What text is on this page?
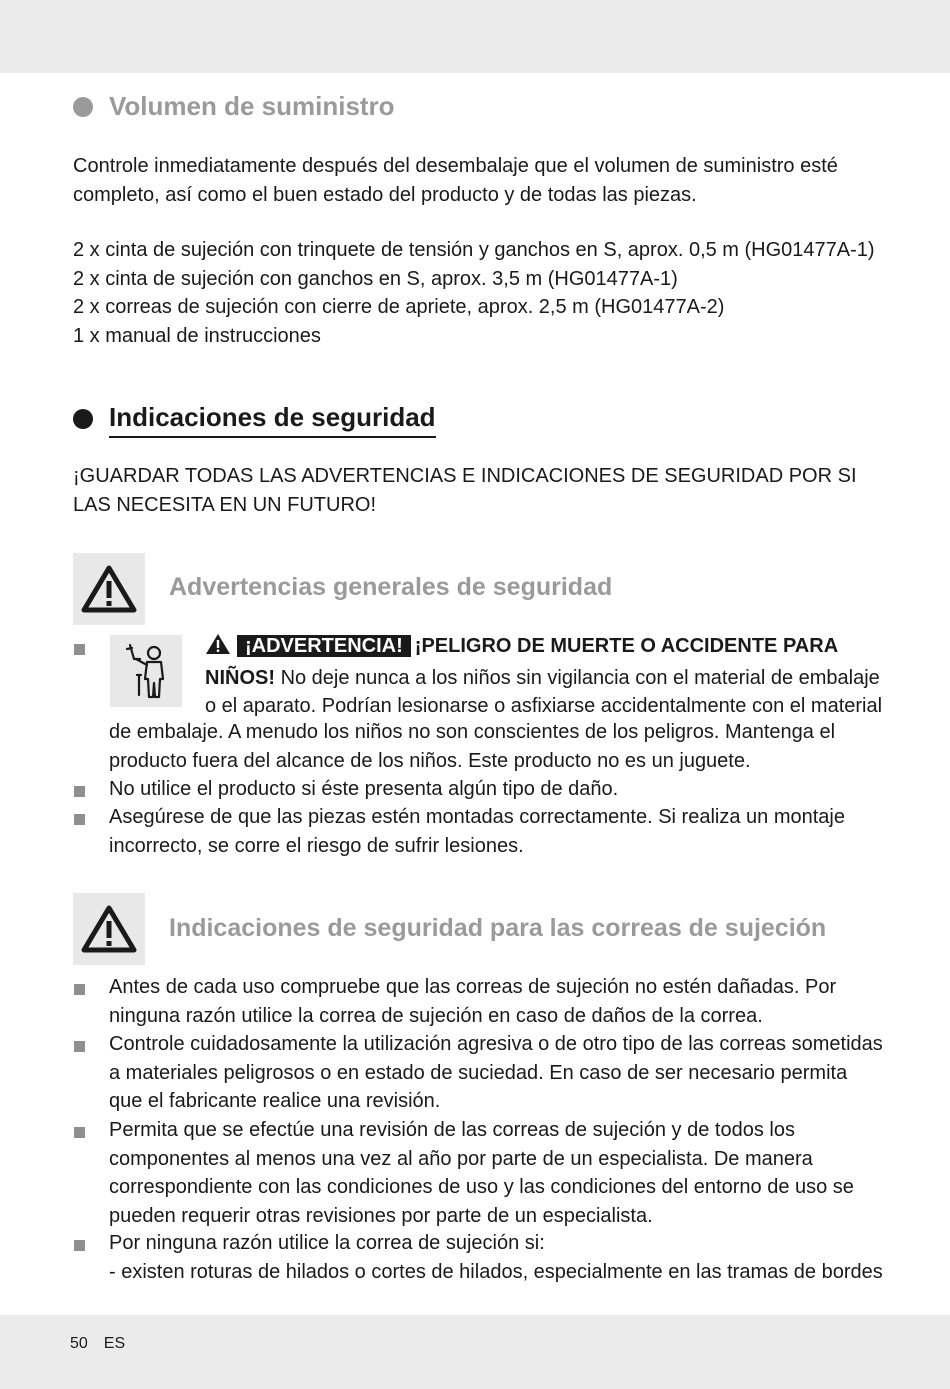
Volumen de suministro

Controle inmediatamente después del desembalaje que el volumen de suministro esté completo, así como el buen estado del producto y de todas las piezas.

2 x cinta de sujeción con trinquete de tensión y ganchos en S, aprox. 0,5 m (HG01477A-1)

2 x cinta de sujeción con ganchos en S, aprox. 3,5 m (HG01477A-1)

2 x correas de sujeción con cierre de apriete, aprox. 2,5 m (HG01477A-2)

1 x manual de instrucciones

Indicaciones de seguridad

¡GUARDAR TODAS LAS ADVERTENCIAS E INDICACIONES DE SEGURIDAD POR SI LAS NECESITA EN UN FUTURO!

Advertencias generales de seguridad
¡ADVERTENCIA! ¡PELIGRO DE MUERTE O ACCIDENTE PARA NIÑOS! No deje nunca a los niños sin vigilancia con el material de embalaje o el aparato. Podrían lesionarse o asfixiarse accidentalmente con el material
de embalaje. A menudo los niños no son conscientes de los peligros. Mantenga el producto fuera del alcance de los niños. Este producto no es un juguete.
No utilice el producto si éste presenta algún tipo de daño.
Asegúrese de que las piezas estén montadas correctamente. Si realiza un montaje incorrecto, se corre el riesgo de sufrir lesiones.
Indicaciones de seguridad para las correas de sujeción
Antes de cada uso compruebe que las correas de sujeción no estén dañadas. Por ninguna razón utilice la correa de sujeción en caso de daños de la correa.
Controle cuidadosamente la utilización agresiva o de otro tipo de las correas sometidas a materiales peligrosos o en estado de suciedad. En caso de ser necesario permita que el fabricante realice una revisión.
Permita que se efectúe una revisión de las correas de sujeción y de todos los componentes al menos una vez al año por parte de un especialista. De manera correspondiente con las condiciones de uso y las condiciones del entorno de uso se pueden requerir otras revisiones por parte de un especialista.
Por ninguna razón utilice la correa de sujeción si:
- existen roturas de hilados o cortes de hilados, especialmente en las tramas de bordes
50 ES
